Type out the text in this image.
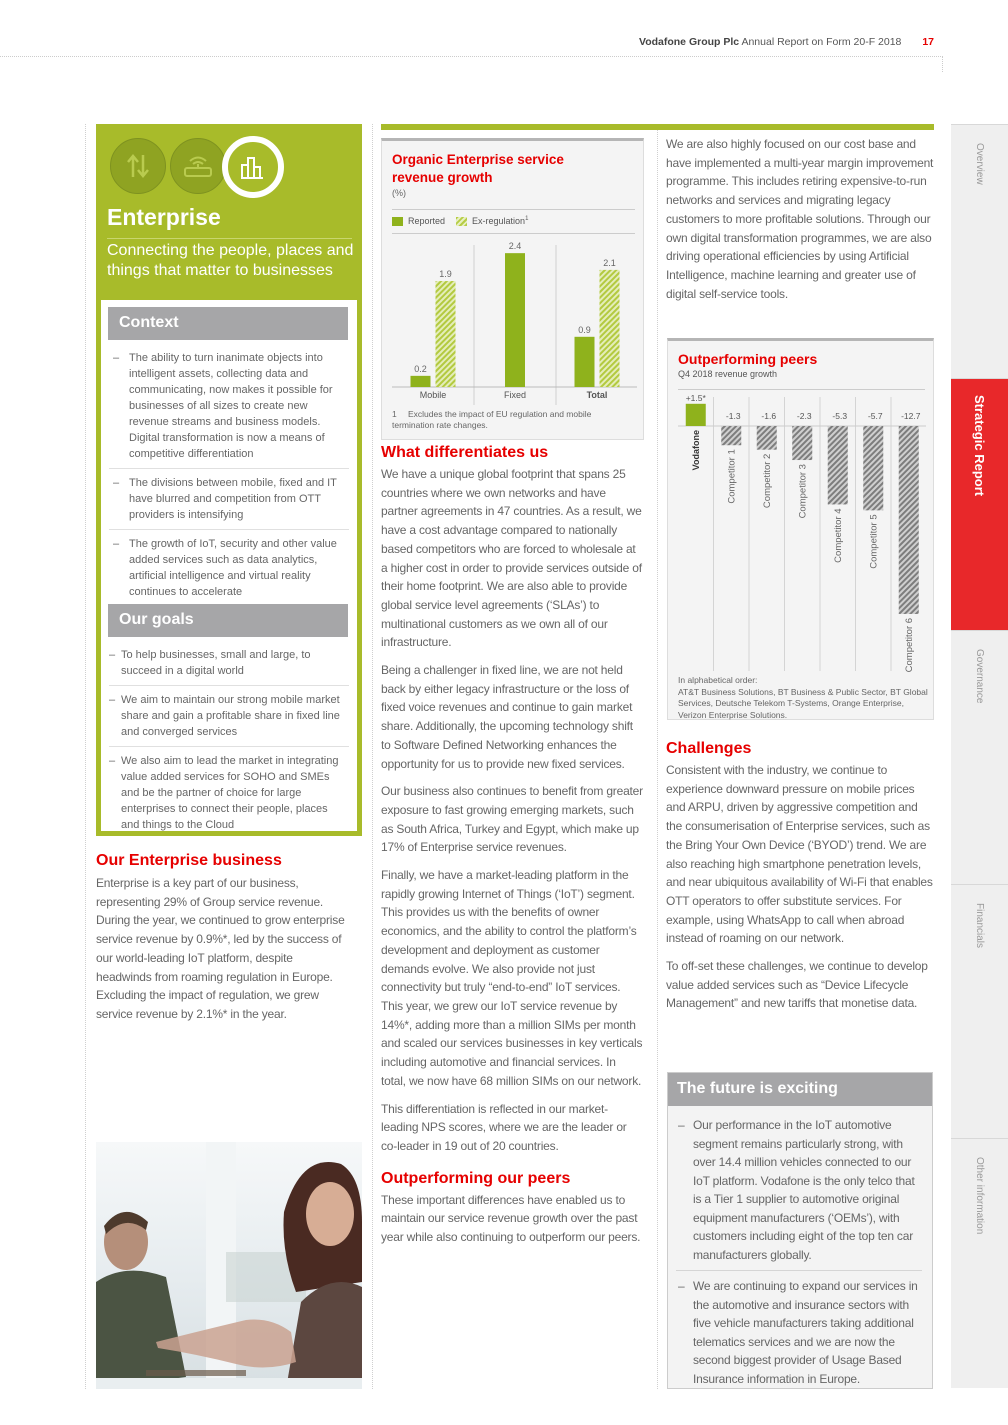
Vodafone Group Plc Annual Report on Form 20-F 2018 17
Enterprise
Connecting the people, places and things that matter to businesses
Context
– The ability to turn inanimate objects into intelligent assets, collecting data and communicating, now makes it possible for businesses of all sizes to create new revenue streams and business models. Digital transformation is now a means of competitive differentiation
– The divisions between mobile, fixed and IT have blurred and competition from OTT providers is intensifying
– The growth of IoT, security and other value added services such as data analytics, artificial intelligence and virtual reality continues to accelerate
Our goals
– To help businesses, small and large, to succeed in a digital world
– We aim to maintain our strong mobile market share and gain a profitable share in fixed line and converged services
– We also aim to lead the market in integrating value added services for SOHO and SMEs and be the partner of choice for large enterprises to connect their people, places and things to the Cloud
Our Enterprise business

Enterprise is a key part of our business, representing 29% of Group service revenue. During the year, we continued to grow enterprise service revenue by 0.9%*, led by the success of our world-leading IoT platform, despite headwinds from roaming regulation in Europe. Excluding the impact of regulation, we grew service revenue by 2.1%* in the year.

Organic Enterprise service revenue growth
(%)
Reported	Ex-regulation$^1$
0.2
1.9
Mobile
2.4
Fixed
0.9
2.1
Total
1 Excludes the impact of EU regulation and mobile termination rate changes.
What differentiates us

We have a unique global footprint that spans 25 countries where we own networks and have partner agreements in 47 countries. As a result, we have a cost advantage compared to nationally based competitors who are forced to wholesale at a higher cost in order to provide services outside of their home footprint. We are also able to provide global service level agreements (‘SLAs’) to multinational customers as we own all of our infrastructure.

Being a challenger in fixed line, we are not held back by either legacy infrastructure or the loss of fixed voice revenues and continue to gain market share. Additionally, the upcoming technology shift to Software Defined Networking enhances the opportunity for us to provide new fixed services.

Our business also continues to benefit from greater exposure to fast growing emerging markets, such as South Africa, Turkey and Egypt, which make up 17% of Enterprise service revenues.

Finally, we have a market-leading platform in the rapidly growing Internet of Things (‘IoT’) segment. This provides us with the benefits of owner economics, and the ability to control the platform’s development and deployment as customer demands evolve. We also provide not just connectivity but truly “end-to-end” IoT services. This year, we grew our IoT service revenue by 14%*, adding more than a million SIMs per month and scaled our services businesses in key verticals including automotive and financial services. In total, we now have 68 million SIMs on our network.

This differentiation is reflected in our market-leading NPS scores, where we are the leader or co-leader in 19 out of 20 countries.

Outperforming our peers

These important differences have enabled us to maintain our service revenue growth over the past year while also continuing to outperform our peers.

We are also highly focused on our cost base and have implemented a multi-year margin improvement programme. This includes retiring expensive-to-run networks and services and migrating legacy customers to more profitable solutions. Through our own digital transformation programmes, we are also driving operational efficiencies by using Artificial Intelligence, machine learning and greater use of digital self-service tools.

Outperforming peers
Q4 2018 revenue growth
+1.5*
Vodafone
-1.3
Competitor 1
-1.6
Competitor 2
-2.3
Competitor 3
-5.3
Competitor 4
-5.7
Competitor 5
-12.7
Competitor 6
In alphabetical order:
AT&T Business Solutions, BT Business & Public Sector, BT Global Services, Deutsche Telekom T-Systems, Orange Enterprise, Verizon Enterprise Solutions.
Challenges

Consistent with the industry, we continue to experience downward pressure on mobile prices and ARPU, driven by aggressive competition and the consumerisation of Enterprise services, such as the Bring Your Own Device (‘BYOD’) trend. We are also reaching high smartphone penetration levels, and near ubiquitous availability of Wi-Fi that enables OTT operators to offer substitute services. For example, using WhatsApp to call when abroad instead of roaming on our network.

To off-set these challenges, we continue to develop value added services such as “Device Lifecycle Management” and new tariffs that monetise data.

The future is exciting
– Our performance in the IoT automotive segment remains particularly strong, with over 14.4 million vehicles connected to our IoT platform. Vodafone is the only telco that is a Tier 1 supplier to automotive original equipment manufacturers (‘OEMs’), with customers including eight of the top ten car manufacturers globally.
– We are continuing to expand our services in the automotive and insurance sectors with five vehicle manufacturers taking additional telematics services and we are now the second biggest provider of Usage Based Insurance information in Europe.
Overview
Strategic Report
Governance
Financials
Other information
